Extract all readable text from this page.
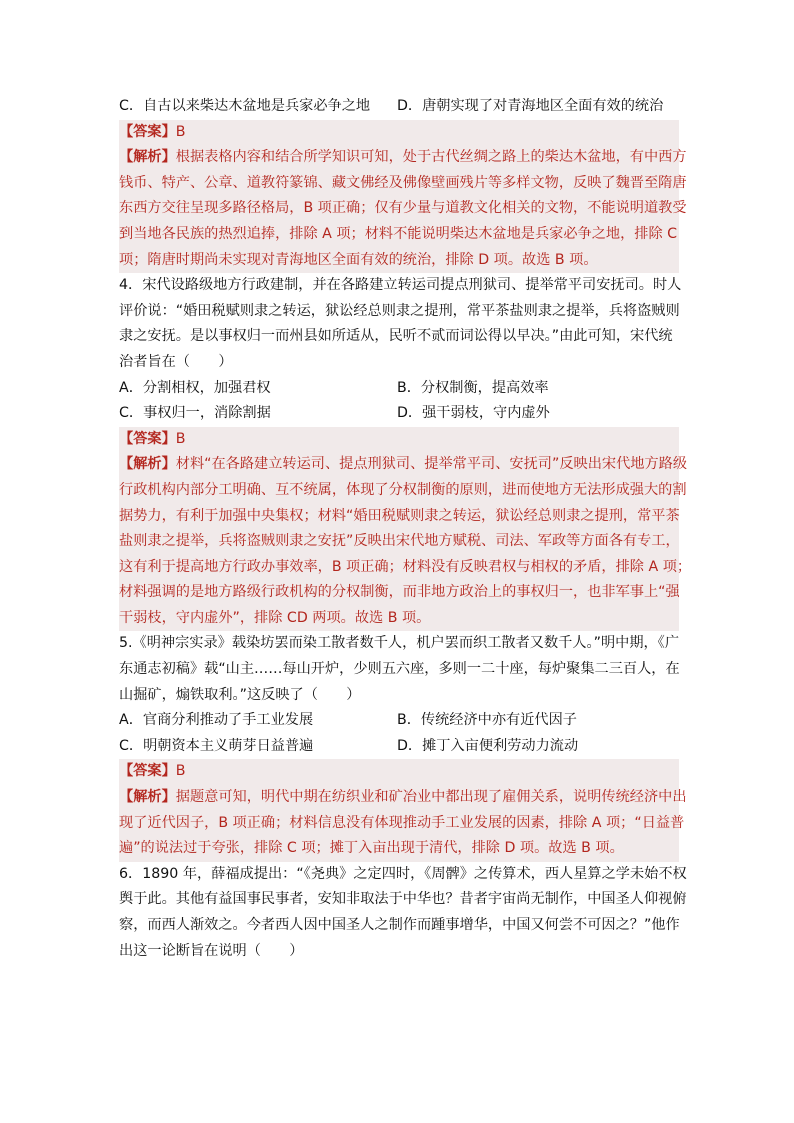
C．自古以来柴达木盆地是兵家必争之地	D．唐朝实现了对青海地区全面有效的统治
【答案】B
【解析】根据表格内容和结合所学知识可知，处于古代丝绸之路上的柴达木盆地，有中西方
钱币、特产、公章、道教符篆锦、藏文佛经及佛像壁画残片等多样文物，反映了魏晋至隋唐
东西方交往呈现多路径格局，B 项正确；仅有少量与道教文化相关的文物，不能说明道教受
到当地各民族的热烈追捧，排除 A 项；材料不能说明柴达木盆地是兵家必争之地，排除 C
项；隋唐时期尚未实现对青海地区全面有效的统治，排除 D 项。故选 B 项。
4．宋代设路级地方行政建制，并在各路建立转运司提点刑狱司、提举常平司安抚司。时人
评价说：“婚田税赋则隶之转运，狱讼经总则隶之提刑，常平茶盐则隶之提举，兵将盗贼则
隶之安抚。是以事权归一而州县如所适从，民听不贰而词讼得以早决。”由此可知，宋代统
治者旨在（　　）
A．分割相权，加强君权	B．分权制衡，提高效率
C．事权归一，消除割据	D．强干弱枝，守内虚外
【答案】B
【解析】材料“在各路建立转运司、提点刑狱司、提举常平司、安抚司”反映出宋代地方路级
行政机构内部分工明确、互不统属，体现了分权制衡的原则，进而使地方无法形成强大的割
据势力，有利于加强中央集权；材料“婚田税赋则隶之转运，狱讼经总则隶之提刑，常平茶
盐则隶之提举，兵将盗贼则隶之安抚”反映出宋代地方赋税、司法、军政等方面各有专工，
这有利于提高地方行政办事效率，B 项正确；材料没有反映君权与相权的矛盾，排除 A 项；
材料强调的是地方路级行政机构的分权制衡，而非地方政治上的事权归一，也非军事上“强
干弱枝，守内虚外”，排除 CD 两项。故选 B 项。
5.《明神宗实录》载染坊罢而染工散者数千人，机户罢而织工散者又数千人。”明中期，《广
东通志初稿》载“山主……每山开炉，少则五六座，多则一二十座，每炉聚集二三百人，在
山掘矿，煽铁取利。”这反映了（　　）
A．官商分利推动了手工业发展	B．传统经济中亦有近代因子
C．明朝资本主义萌芽日益普遍	D．摊丁入亩便利劳动力流动
【答案】B
【解析】据题意可知，明代中期在纺织业和矿冶业中都出现了雇佣关系，说明传统经济中出
现了近代因子，B 项正确；材料信息没有体现推动手工业发展的因素，排除 A 项；“日益普
遍”的说法过于夸张，排除 C 项；摊丁入亩出现于清代，排除 D 项。故选 B 项。
6．1890 年，薛福成提出：“《尧典》之定四时，《周髀》之传算术，西人星算之学未始不权
舆于此。其他有益国事民事者，安知非取法于中华也？昔者宇宙尚无制作，中国圣人仰视俯
察，而西人渐效之。今者西人因中国圣人之制作而踵事增华，中国又何尝不可因之？”他作
出这一论断旨在说明（　　）
